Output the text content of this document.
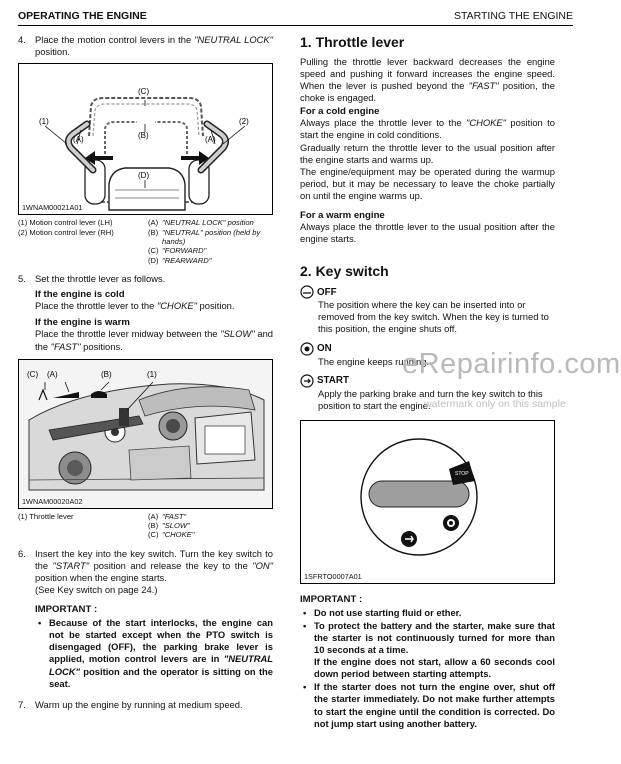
OPERATING THE ENGINE	STARTING THE ENGINE

4. Place the motion control levers in the "NEUTRAL LOCK" position.

(1)	(2)
(A)	(A)
(B)
(C)
(D)
1WNAM00021A01
(1) Motion control lever (LH)	(A) "NEUTRAL LOCK" position
(2) Motion control lever (RH)	(B) "NEUTRAL" position (held by hands)
(C) "FORWARD"
(D) "REARWARD"

5. Set the throttle lever as follows.

If the engine is cold

Place the throttle lever to the "CHOKE" position.

If the engine is warm

Place the throttle lever midway between the "SLOW" and the "FAST" positions.

(C) (A)	(B)	(1)
1WNAM00020A02
(1) Throttle lever	(A) "FAST"
(B) "SLOW"
(C) "CHOKE"

6. Insert the key into the key switch. Turn the key switch to the "START" position and release the key to the "ON" position when the engine starts.

(See Key switch on page 24.)

IMPORTANT :
• Because of the start interlocks, the engine can not be started except when the PTO switch is disengaged (OFF), the parking brake lever is applied, motion control levers are in "NEUTRAL LOCK" position and the operator is sitting on the seat.

7. Warm up the engine by running at medium speed.

1. Throttle lever

Pulling the throttle lever backward decreases the engine speed and pushing it forward increases the engine speed. When the lever is pushed beyond the "FAST" position, the choke is engaged.

For a cold engine

Always place the throttle lever to the "CHOKE" position to start the engine in cold conditions.

Gradually return the throttle lever to the usual position after the engine starts and warms up.

The engine/equipment may be operated during the warmup period, but it may be necessary to leave the choke partially on until the engine warms up.

For a warm engine

Always place the throttle lever to the usual position after the engine starts.

2. Key switch
OFF

The position where the key can be inserted into or removed from the key switch. When the key is turned to this position, the engine shuts off.

ON

The engine keeps running.

START

Apply the parking brake and turn the key switch to this position to start the engine.

STOP
1SFRTO0007A01
IMPORTANT :
• Do not use starting fluid or ether.
• To protect the battery and the starter, make sure that the starter is not continuously turned for more than 10 seconds at a time.
If the engine does not start, allow a 60 seconds cool down period between starting attempts.
• If the starter does not turn the engine over, shut off the starter immediately. Do not make further attempts to start the engine until the condition is corrected. Do not jump start using another battery.
eRepairinfo.com
watermark only on this sample
